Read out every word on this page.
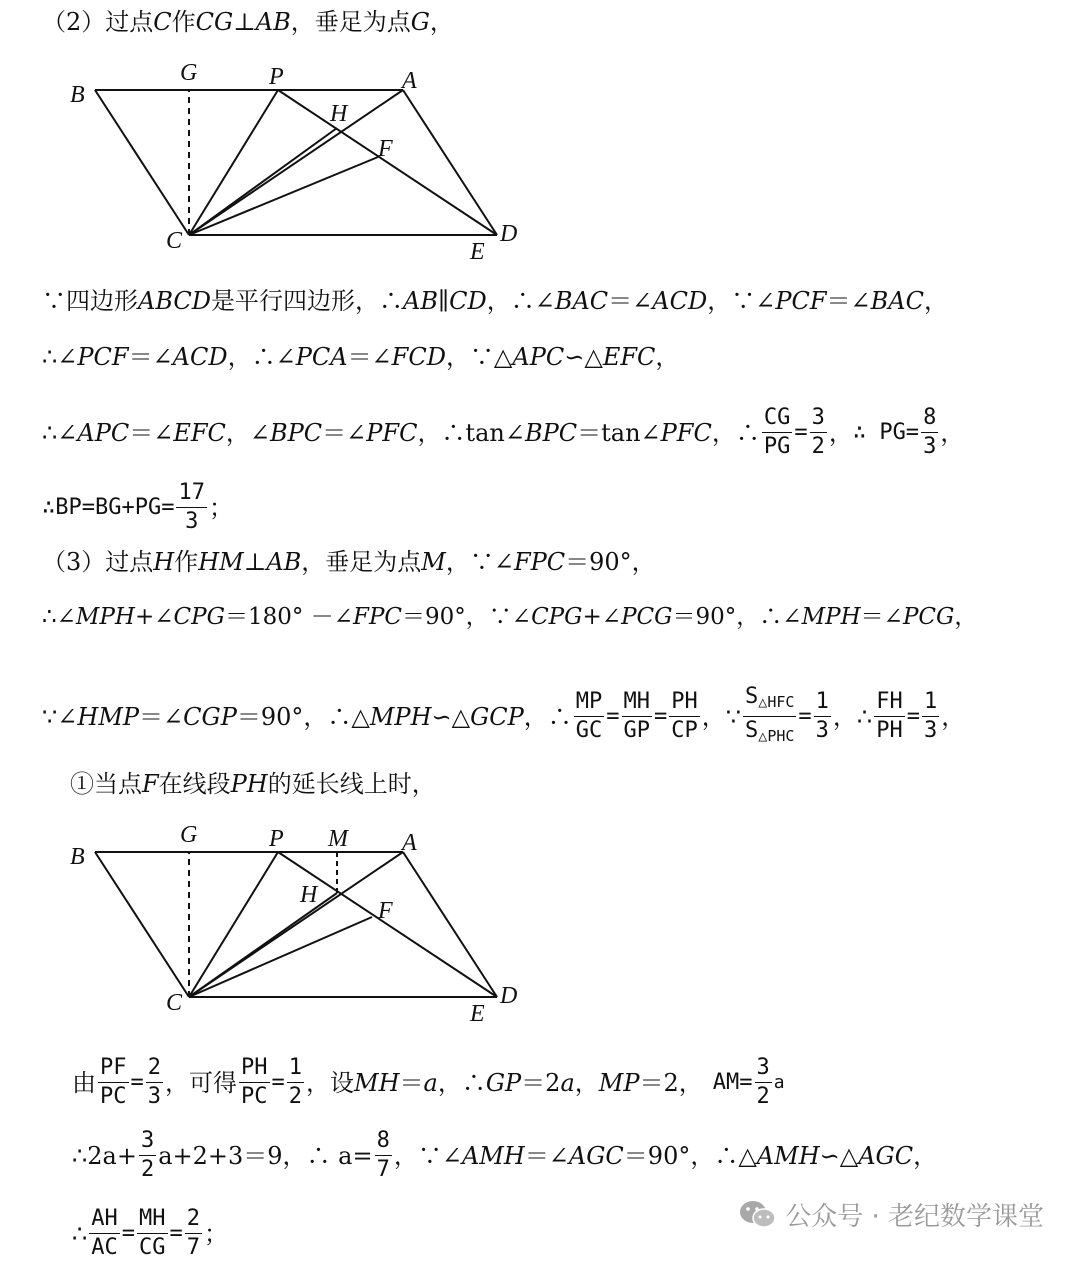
（2）过点 C 作 CG ⊥ AB ，垂足为点 G ，
B
G	P	A
H
F
C	E
D
∵四边形 ABCD 是平行四边形，∴ AB ∥ CD ，∴∠ BAC ＝∠ ACD ，∵∠ PCF ＝∠ BAC ，
∴∠ PCF ＝∠ ACD ，∴∠ PCA ＝∠ FCD ，∵△ APC ∽△ EFC ，
∴∠ APC ＝∠ EFC ，∠ BPC ＝∠ PFC ，∴tan∠ BPC ＝tan∠ PFC ，∴ $\frac{CG}{PG} = \frac{3}{2}$ ， ∴ $PG= \frac{8}{3}$ ，
∴BP=BG+PG= $\frac{17}{3}$ ；
（3）过点 H 作 HM ⊥ AB ，垂足为点 M ，∵∠ FPC ＝90°，
∴∠ MPH +∠ CPG ＝180° －∠ FPC ＝90°，∵∠ CPG +∠ PCG ＝90°，∴∠ MPH ＝∠ PCG ，
∵∠ HMP ＝∠ CGP ＝90°，∴△ MPH ∽△ GCP ，∴ $\frac{MP}{GC} = \frac{MH}{GP} = \frac{PH}{CP}$ ， ∵ $\frac{S_{\triangle HFC}}{S_{\triangle PHC}} = \frac{1}{3}$ ， ∴ $\frac{FH}{PH} = \frac{1}{3}$ ，
①当点 F 在线段 PH 的延长线上时，
B
G	P M A
H
F
C	E
D
由 $\frac{PF}{PC} = \frac{2}{3}$ ，可得 $\frac{PH}{PC} = \frac{1}{2}$ ，设 MH ＝ a ，∴ GP ＝2 a ， MP ＝2， $AM= \frac{3}{2}$ a
∴2a+ $\frac{3}{2} a+2+3=9$，∴ $a= \frac{8}{7}$ ，∵∠ AMH ＝∠ AGC ＝90°，∴△ AMH ∽△ AGC ，
∴ $\frac{AH}{AC} = \frac{MH}{CG} = \frac{2}{7}$ ；
公众号 · 老纪数学课堂
